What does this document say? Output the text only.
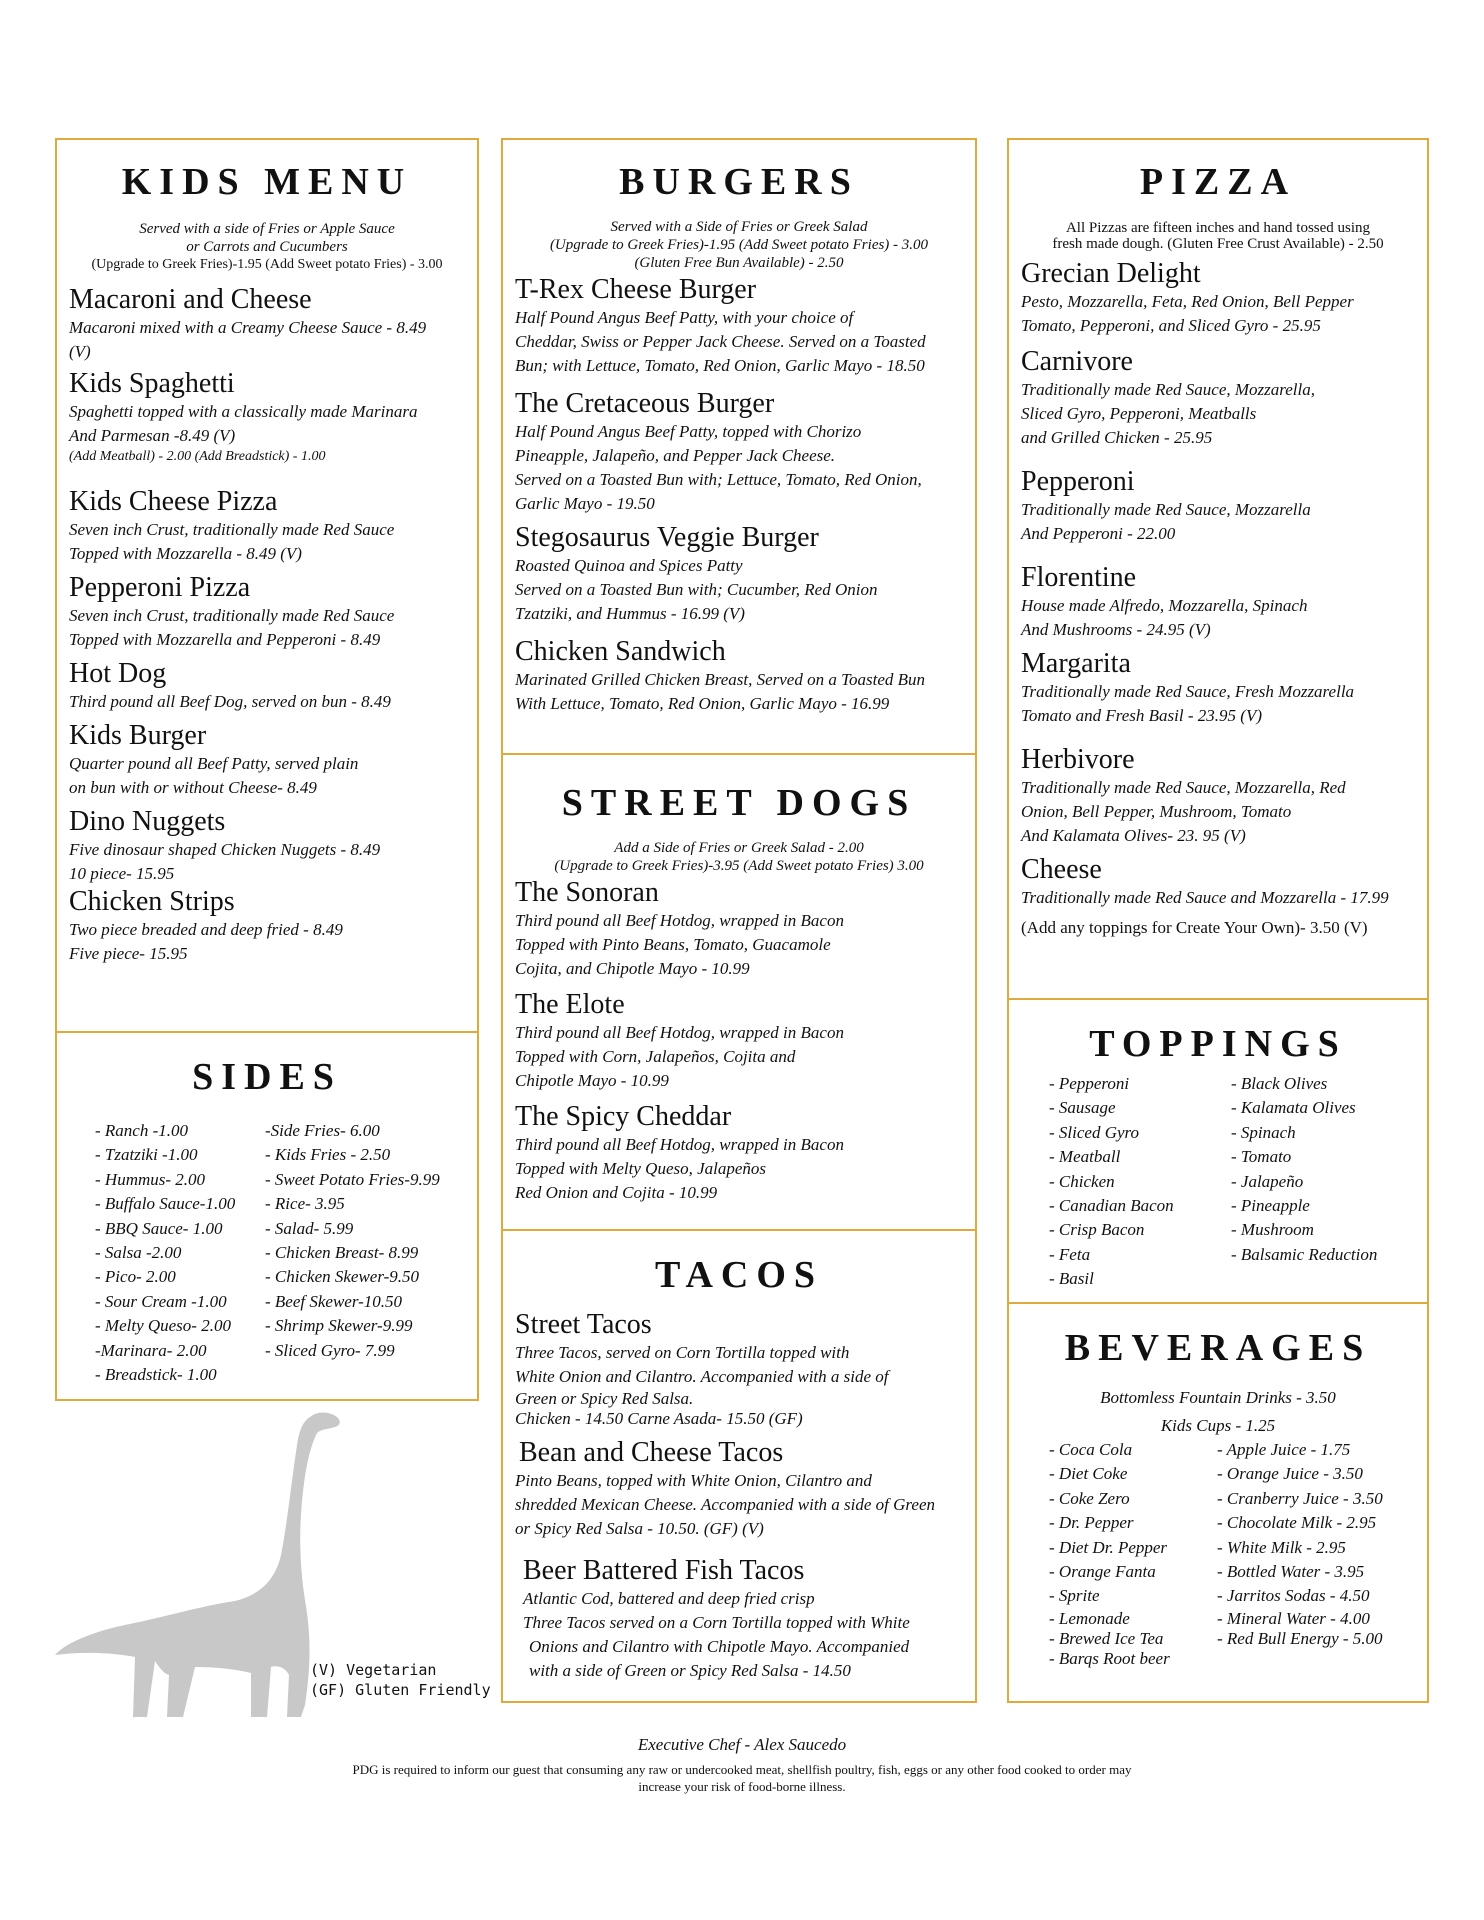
KIDS MENU

Served with a side of Fries or Apple Sauce

or Carrots and Cucumbers

(Upgrade to Greek Fries)-1.95 (Add Sweet potato Fries) - 3.00

Macaroni and Cheese

Macaroni mixed with a Creamy Cheese Sauce - 8.49

(V)

Kids Spaghetti

Spaghetti topped with a classically made Marinara

And Parmesan -8.49 (V)

(Add Meatball) - 2.00 (Add Breadstick) - 1.00

Kids Cheese Pizza

Seven inch Crust, traditionally made Red Sauce

Topped with Mozzarella - 8.49 (V)

Pepperoni Pizza

Seven inch Crust, traditionally made Red Sauce

Topped with Mozzarella and Pepperoni - 8.49

Hot Dog

Third pound all Beef Dog, served on bun - 8.49

Kids Burger

Quarter pound all Beef Patty, served plain

on bun with or without Cheese- 8.49

Dino Nuggets

Five dinosaur shaped Chicken Nuggets - 8.49

10 piece- 15.95

Chicken Strips

Two piece breaded and deep fried - 8.49

Five piece- 15.95

SIDES
- Ranch -1.00
- Tzatziki -1.00
- Hummus- 2.00
- Buffalo Sauce-1.00
- BBQ Sauce- 1.00
- Salsa -2.00
- Pico- 2.00
- Sour Cream -1.00
- Melty Queso- 2.00
-Marinara- 2.00
- Breadstick- 1.00
-Side Fries- 6.00
- Kids Fries - 2.50
- Sweet Potato Fries-9.99
- Rice- 3.95
- Salad- 5.99
- Chicken Breast- 8.99
- Chicken Skewer-9.50
- Beef Skewer-10.50
- Shrimp Skewer-9.99
- Sliced Gyro- 7.99
(V) Vegetarian
(GF) Gluten Friendly
BURGERS

Served with a Side of Fries or Greek Salad

(Upgrade to Greek Fries)-1.95 (Add Sweet potato Fries) - 3.00

(Gluten Free Bun Available) - 2.50

T-Rex Cheese Burger

Half Pound Angus Beef Patty, with your choice of

Cheddar, Swiss or Pepper Jack Cheese. Served on a Toasted

Bun; with Lettuce, Tomato, Red Onion, Garlic Mayo - 18.50

The Cretaceous Burger

Half Pound Angus Beef Patty, topped with Chorizo

Pineapple, Jalapeño, and Pepper Jack Cheese.

Served on a Toasted Bun with; Lettuce, Tomato, Red Onion,

Garlic Mayo - 19.50

Stegosaurus Veggie Burger

Roasted Quinoa and Spices Patty

Served on a Toasted Bun with; Cucumber, Red Onion

Tzatziki, and Hummus - 16.99 (V)

Chicken Sandwich

Marinated Grilled Chicken Breast, Served on a Toasted Bun

With Lettuce, Tomato, Red Onion, Garlic Mayo - 16.99

STREET DOGS

Add a Side of Fries or Greek Salad - 2.00

(Upgrade to Greek Fries)-3.95 (Add Sweet potato Fries) 3.00

The Sonoran

Third pound all Beef Hotdog, wrapped in Bacon

Topped with Pinto Beans, Tomato, Guacamole

Cojita, and Chipotle Mayo - 10.99

The Elote

Third pound all Beef Hotdog, wrapped in Bacon

Topped with Corn, Jalapeños, Cojita and

Chipotle Mayo - 10.99

The Spicy Cheddar

Third pound all Beef Hotdog, wrapped in Bacon

Topped with Melty Queso, Jalapeños

Red Onion and Cojita - 10.99

TACOS

Street Tacos

Three Tacos, served on Corn Tortilla topped with

White Onion and Cilantro. Accompanied with a side of

Green or Spicy Red Salsa.

Chicken - 14.50 Carne Asada- 15.50 (GF)

Bean and Cheese Tacos

Pinto Beans, topped with White Onion, Cilantro and

shredded Mexican Cheese. Accompanied with a side of Green

or Spicy Red Salsa - 10.50. (GF) (V)

Beer Battered Fish Tacos

Atlantic Cod, battered and deep fried crisp

Three Tacos served on a Corn Tortilla topped with White

Onions and Cilantro with Chipotle Mayo. Accompanied

with a side of Green or Spicy Red Salsa - 14.50

PIZZA

All Pizzas are fifteen inches and hand tossed using

fresh made dough. (Gluten Free Crust Available) - 2.50

Grecian Delight

Pesto, Mozzarella, Feta, Red Onion, Bell Pepper

Tomato, Pepperoni, and Sliced Gyro - 25.95

Carnivore

Traditionally made Red Sauce, Mozzarella,

Sliced Gyro, Pepperoni, Meatballs

and Grilled Chicken - 25.95

Pepperoni

Traditionally made Red Sauce, Mozzarella

And Pepperoni - 22.00

Florentine

House made Alfredo, Mozzarella, Spinach

And Mushrooms - 24.95 (V)

Margarita

Traditionally made Red Sauce, Fresh Mozzarella

Tomato and Fresh Basil - 23.95 (V)

Herbivore

Traditionally made Red Sauce, Mozzarella, Red

Onion, Bell Pepper, Mushroom, Tomato

And Kalamata Olives- 23. 95 (V)

Cheese

Traditionally made Red Sauce and Mozzarella - 17.99

(Add any toppings for Create Your Own)- 3.50 (V)

TOPPINGS
- Pepperoni
- Sausage
- Sliced Gyro
- Meatball
- Chicken
- Canadian Bacon
- Crisp Bacon
- Feta
- Basil
- Black Olives
- Kalamata Olives
- Spinach
- Tomato
- Jalapeño
- Pineapple
- Mushroom
- Balsamic Reduction
BEVERAGES

Bottomless Fountain Drinks - 3.50

Kids Cups - 1.25

- Coca Cola
- Diet Coke
- Coke Zero
- Dr. Pepper
- Diet Dr. Pepper
- Orange Fanta
- Sprite
- Lemonade
- Brewed Ice Tea
- Barqs Root beer
- Apple Juice - 1.75
- Orange Juice - 3.50
- Cranberry Juice - 3.50
- Chocolate Milk - 2.95
- White Milk - 2.95
- Bottled Water - 3.95
- Jarritos Sodas - 4.50
- Mineral Water - 4.00
- Red Bull Energy - 5.00
Executive Chef - Alex Saucedo
PDG is required to inform our guest that consuming any raw or undercooked meat, shellfish poultry, fish, eggs or any other food cooked to order may
increase your risk of food-borne illness.
